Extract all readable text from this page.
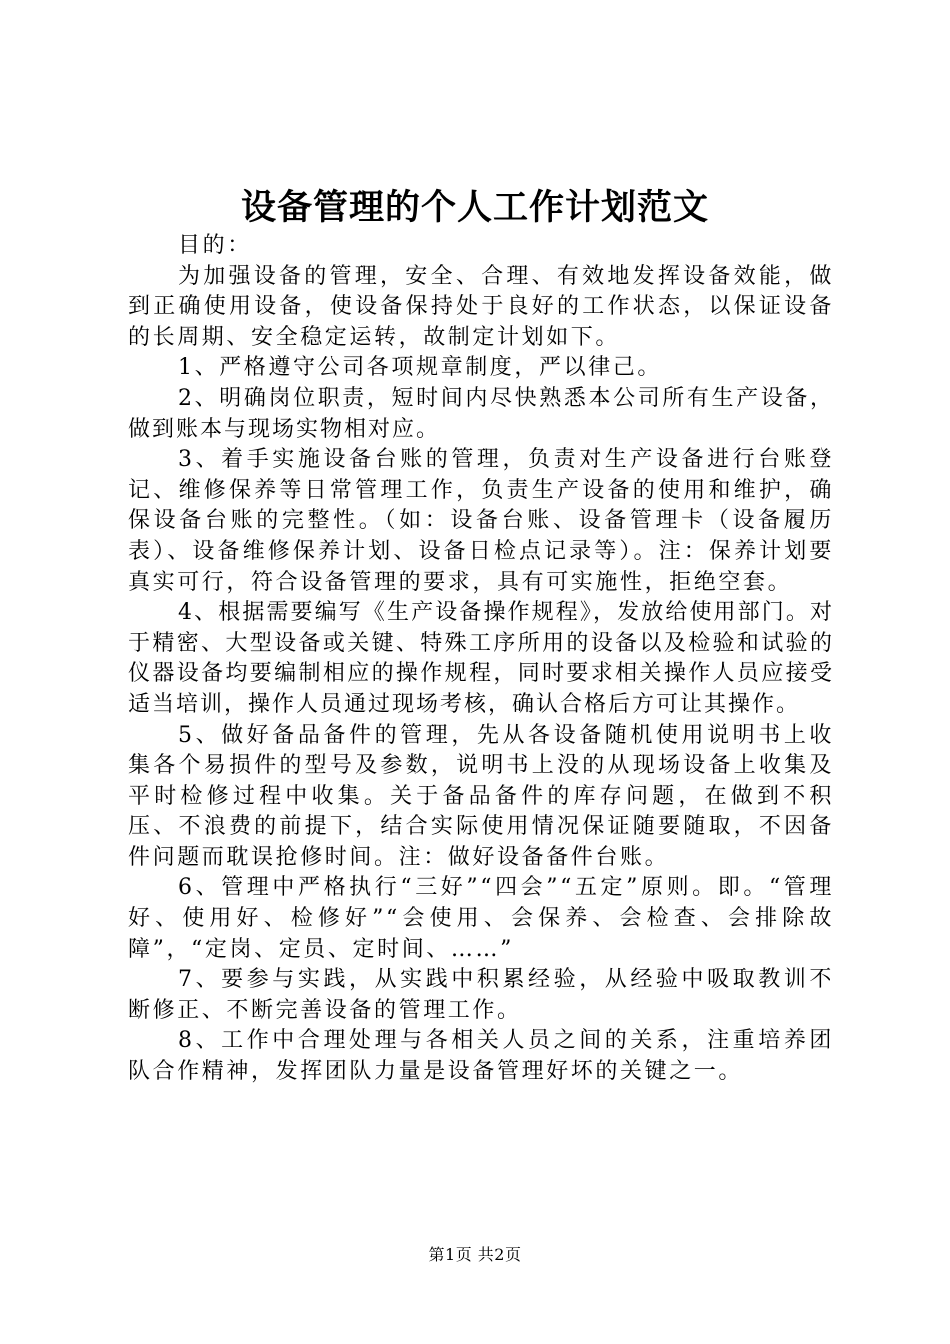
设备管理的个人工作计划范文

目的：

为加强设备的管理，安全、合理、有效地发挥设备效能，做到正确使用设备，使设备保持处于良好的工作状态，以保证设备的长周期、安全稳定运转，故制定计划如下。

1、严格遵守公司各项规章制度，严以律己。

2、明确岗位职责，短时间内尽快熟悉本公司所有生产设备，做到账本与现场实物相对应。

3、着手实施设备台账的管理，负责对生产设备进行台账登记、维修保养等日常管理工作，负责生产设备的使用和维护，确保设备台账的完整性。（如：设备台账、设备管理卡（设备履历表）、设备维修保养计划、设备日检点记录等）。注：保养计划要真实可行，符合设备管理的要求，具有可实施性，拒绝空套。

4、根据需要编写《生产设备操作规程》，发放给使用部门。对于精密、大型设备或关键、特殊工序所用的设备以及检验和试验的仪器设备均要编制相应的操作规程，同时要求相关操作人员应接受适当培训，操作人员通过现场考核，确认合格后方可让其操作。

5、做好备品备件的管理，先从各设备随机使用说明书上收集各个易损件的型号及参数，说明书上没的从现场设备上收集及平时检修过程中收集。关于备品备件的库存问题，在做到不积压、不浪费的前提下，结合实际使用情况保证随要随取，不因备件问题而耽误抢修时间。注：做好设备备件台账。

6、管理中严格执行“三好”“四会”“五定”原则。即。“管理好、使用好、检修好”“会使用、会保养、会检查、会排除故障”，“定岗、定员、定时间、……”

7、要参与实践，从实践中积累经验，从经验中吸取教训不断修正、不断完善设备的管理工作。

8、工作中合理处理与各相关人员之间的关系，注重培养团队合作精神，发挥团队力量是设备管理好坏的关键之一。

第1页 共2页
